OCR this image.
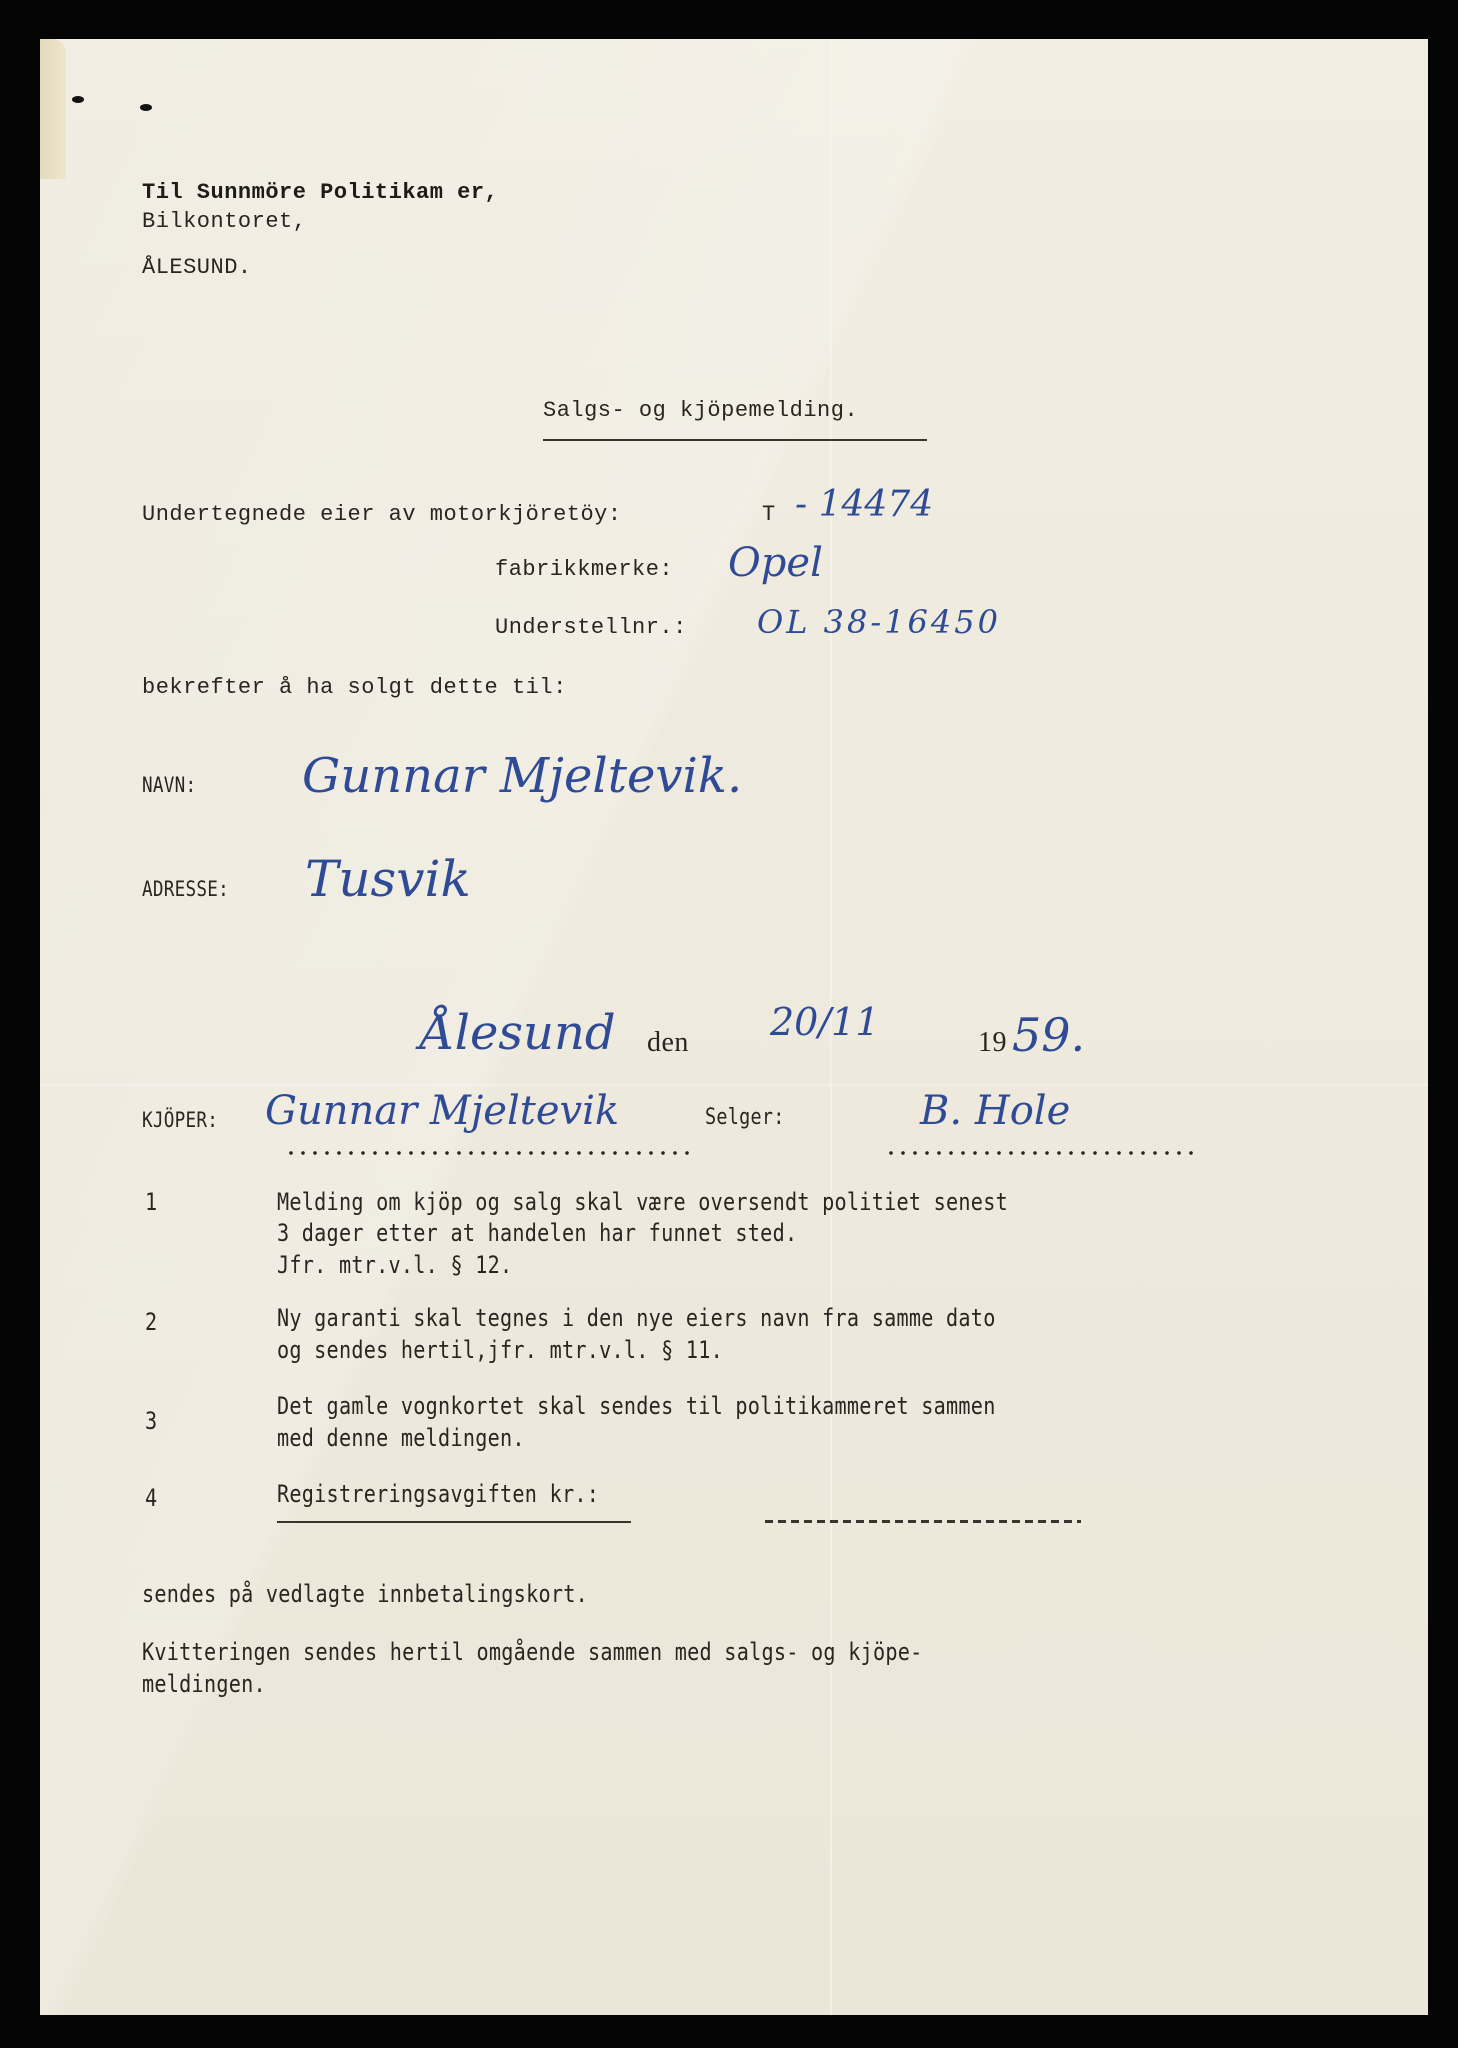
Til Sunnmöre Politikam er,
Bilkontoret,
ÅLESUND.
Salgs- og kjöpemelding.
Undertegnede eier av motorkjöretöy:	T - 14474
fabrikkmerke: Opel
Understellnr.: OL 38-16450
bekrefter å ha solgt dette til:
NAVN: Gunnar Mjeltevik.
ADRESSE: Tusvik
Ålesund den 20/11	19 59.
KJÖPER: Gunnar Mjeltevik	Selger:	B. Hole
1	Melding om kjöp og salg skal være oversendt politiet senest
3 dager etter at handelen har funnet sted.
Jfr. mtr.v.l. § 12.
2	Ny garanti skal tegnes i den nye eiers navn fra samme dato
og sendes hertil,jfr. mtr.v.l. § 11.
3
Det gamle vognkortet skal sendes til politikammeret sammen
med denne meldingen.
4	Registreringsavgiften kr.:
sendes på vedlagte innbetalingskort.
Kvitteringen sendes hertil omgående sammen med salgs- og kjöpe-
meldingen.
